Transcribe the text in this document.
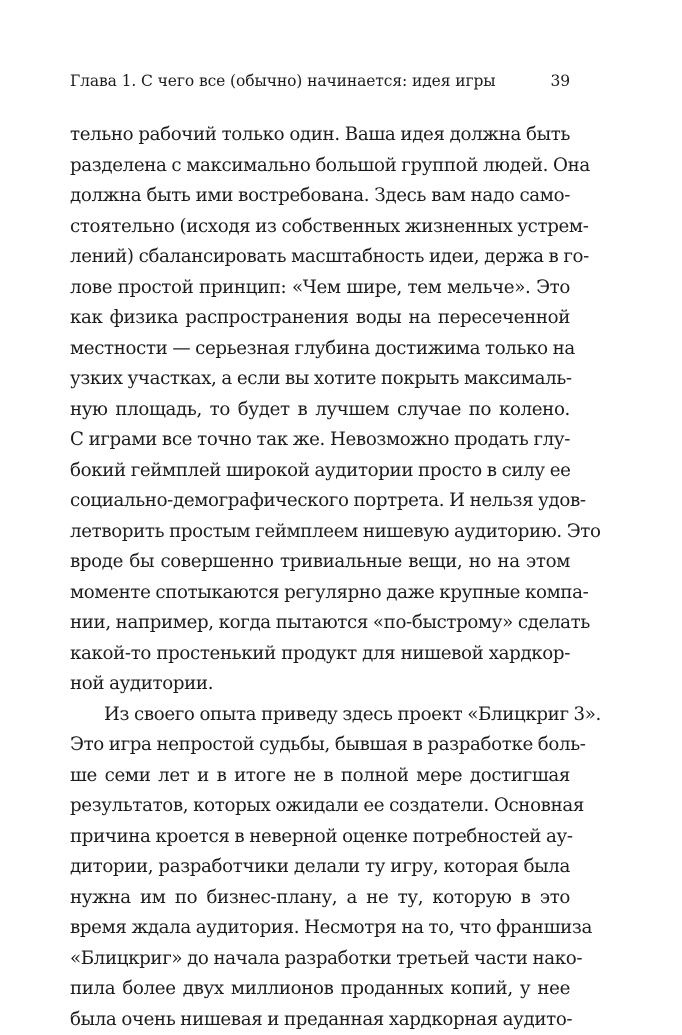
Глава 1. С чего все (обычно) начинается: идея игры	39

тельно рабочий только один. Ваша идея должна быть
разделена с максимально большой группой людей. Она
должна быть ими востребована. Здесь вам надо само-
стоятельно (исходя из собственных жизненных устрем-
лений) сбалансировать масштабность идеи, держа в го-
лове простой принцип: «Чем шире, тем мельче». Это
как физика распространения воды на пересеченной
местности — серьезная глубина достижима только на
узких участках, а если вы хотите покрыть максималь-
ную площадь, то будет в лучшем случае по колено.
С играми все точно так же. Невозможно продать глу-
бокий геймплей широкой аудитории просто в силу ее
социально-демографического портрета. И нельзя удов-
летворить простым геймплеем нишевую аудиторию. Это
вроде бы совершенно тривиальные вещи, но на этом
моменте спотыкаются регулярно даже крупные компа-
нии, например, когда пытаются «по-быстрому» сделать
какой-то простенький продукт для нишевой хардкор-
ной аудитории.

Из своего опыта приведу здесь проект «Блицкриг 3».
Это игра непростой судьбы, бывшая в разработке боль-
ше семи лет и в итоге не в полной мере достигшая
результатов, которых ожидали ее создатели. Основная
причина кроется в неверной оценке потребностей ау-
дитории, разработчики делали ту игру, которая была
нужна им по бизнес-плану, а не ту, которую в это
время ждала аудитория. Несмотря на то, что франшиза
«Блицкриг» до начала разработки третьей части нако-
пила более двух миллионов проданных копий, у нее
была очень нишевая и преданная хардкорная аудито-
